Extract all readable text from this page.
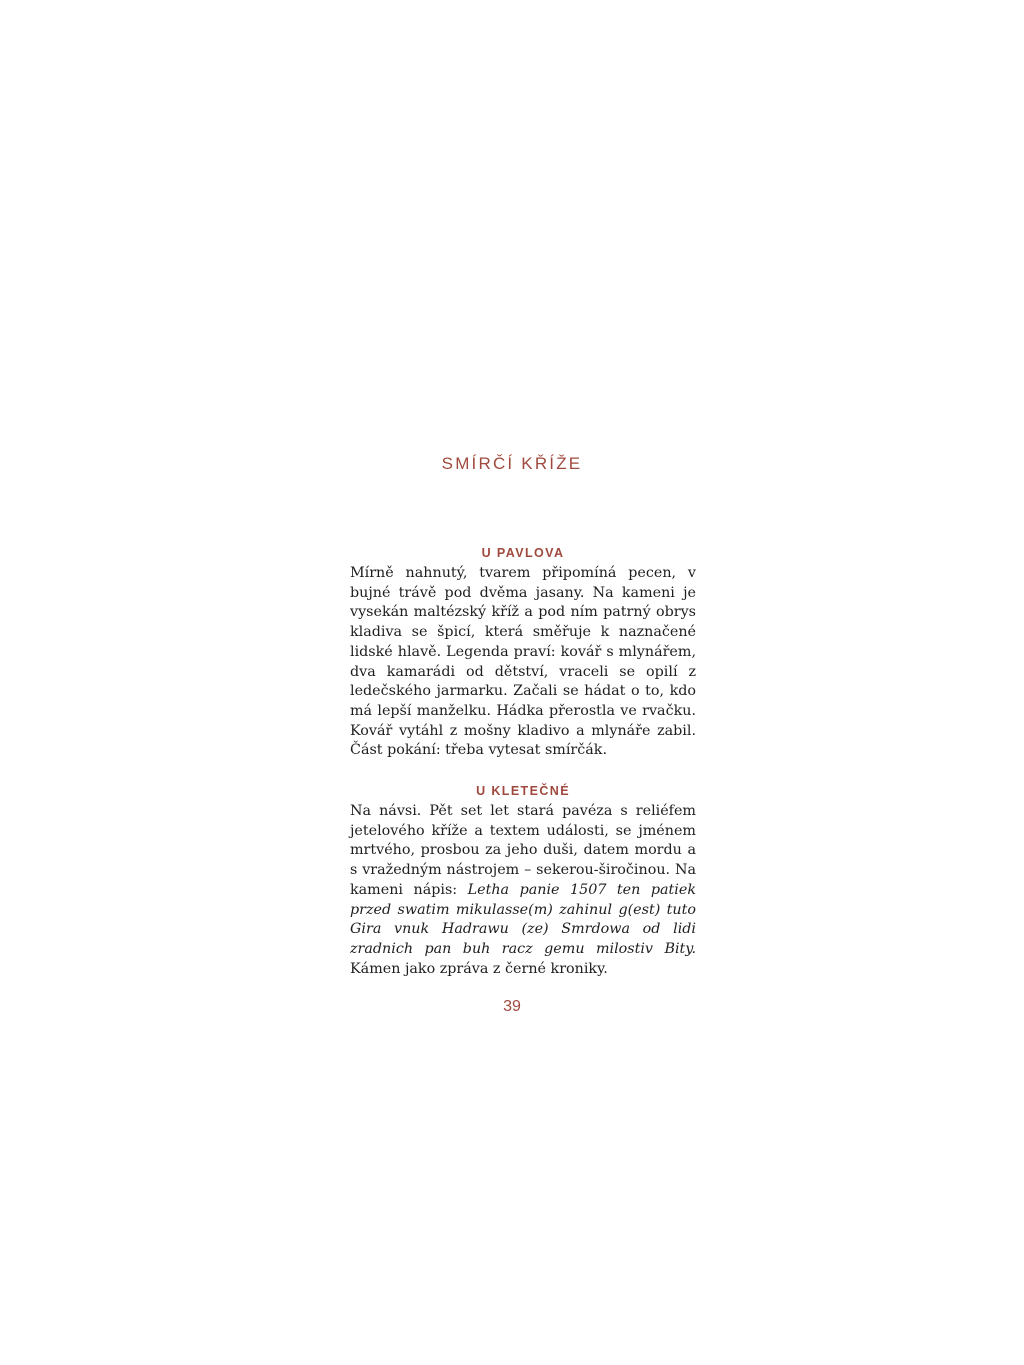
SMÍRČÍ KŘÍŽE
U PAVLOVA

Mírně nahnutý, tvarem připomíná pecen, v bujné trávě pod dvěma jasany. Na kameni je vysekán maltézský kříž a pod ním patrný obrys kladiva se špicí, která směřuje k naznačené lidské hlavě. Legenda praví: kovář s mlynářem, dva kamarádi od dětství, vraceli se opilí z ledečského jarmarku. Začali se hádat o to, kdo má lepší manželku. Hádka přerostla ve rvačku. Kovář vytáhl z mošny kladivo a mlynáře zabil. Část pokání: třeba vytesat smírčák.

U KLETEČNÉ

Na návsi. Pět set let stará pavéza s reliéfem jetelového kříže a textem události, se jménem mrtvého, prosbou za jeho duši, datem mordu a s vražedným nástrojem – sekerou-širočinou. Na kameni nápis: Letha panie 1507 ten patiek przed swatim mikulasse(m) zahinul g(est) tuto Gira vnuk Hadrawu (ze) Smrdowa od lidi zradnich pan buh racz gemu milostiv Bity. Kámen jako zpráva z černé kroniky.

39
